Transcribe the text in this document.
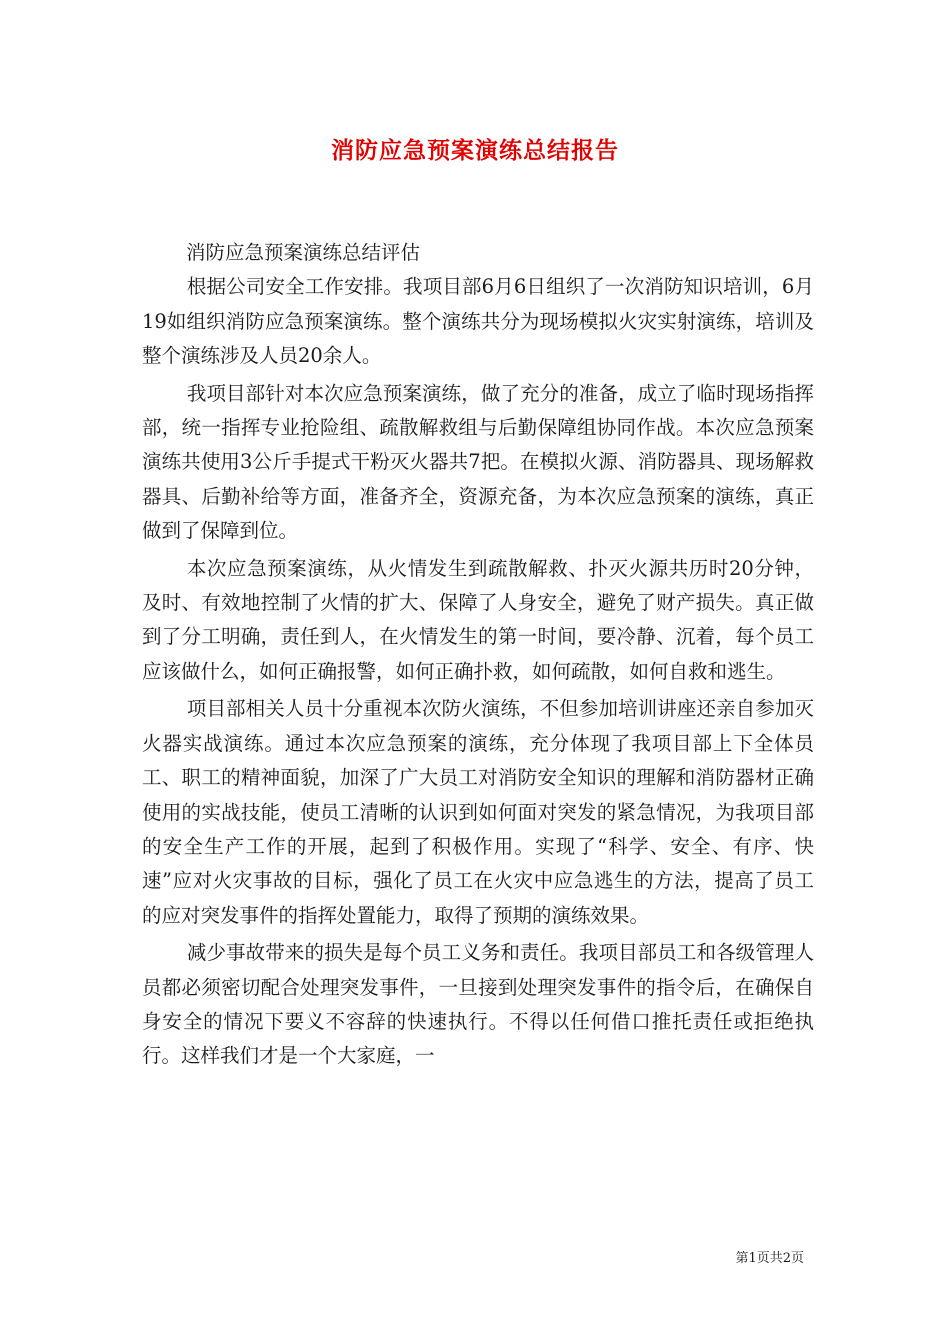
消防应急预案演练总结报告

消防应急预案演练总结评估

根据公司安全工作安排。我项目部6月6日组织了一次消防知识培训，6月19如组织消防应急预案演练。整个演练共分为现场模拟火灾实射演练，培训及整个演练涉及人员20余人。

我项目部针对本次应急预案演练，做了充分的准备，成立了临时现场指挥部，统一指挥专业抢险组、疏散解救组与后勤保障组协同作战。本次应急预案演练共使用3公斤手提式干粉灭火器共7把。在模拟火源、消防器具、现场解救器具、后勤补给等方面，准备齐全，资源充备，为本次应急预案的演练，真正做到了保障到位。

本次应急预案演练，从火情发生到疏散解救、扑灭火源共历时20分钟，及时、有效地控制了火情的扩大、保障了人身安全，避免了财产损失。真正做到了分工明确，责任到人，在火情发生的第一时间，要冷静、沉着，每个员工应该做什么，如何正确报警，如何正确扑救，如何疏散，如何自救和逃生。

项目部相关人员十分重视本次防火演练，不但参加培训讲座还亲自参加灭火器实战演练。通过本次应急预案的演练，充分体现了我项目部上下全体员工、职工的精神面貌，加深了广大员工对消防安全知识的理解和消防器材正确使用的实战技能，使员工清晰的认识到如何面对突发的紧急情况，为我项目部的安全生产工作的开展，起到了积极作用。实现了“科学、安全、有序、快速”应对火灾事故的目标，强化了员工在火灾中应急逃生的方法，提高了员工的应对突发事件的指挥处置能力，取得了预期的演练效果。

减少事故带来的损失是每个员工义务和责任。我项目部员工和各级管理人员都必须密切配合处理突发事件，一旦接到处理突发事件的指令后，在确保自身安全的情况下要义不容辞的快速执行。不得以任何借口推托责任或拒绝执行。这样我们才是一个大家庭，一

第1页共2页
